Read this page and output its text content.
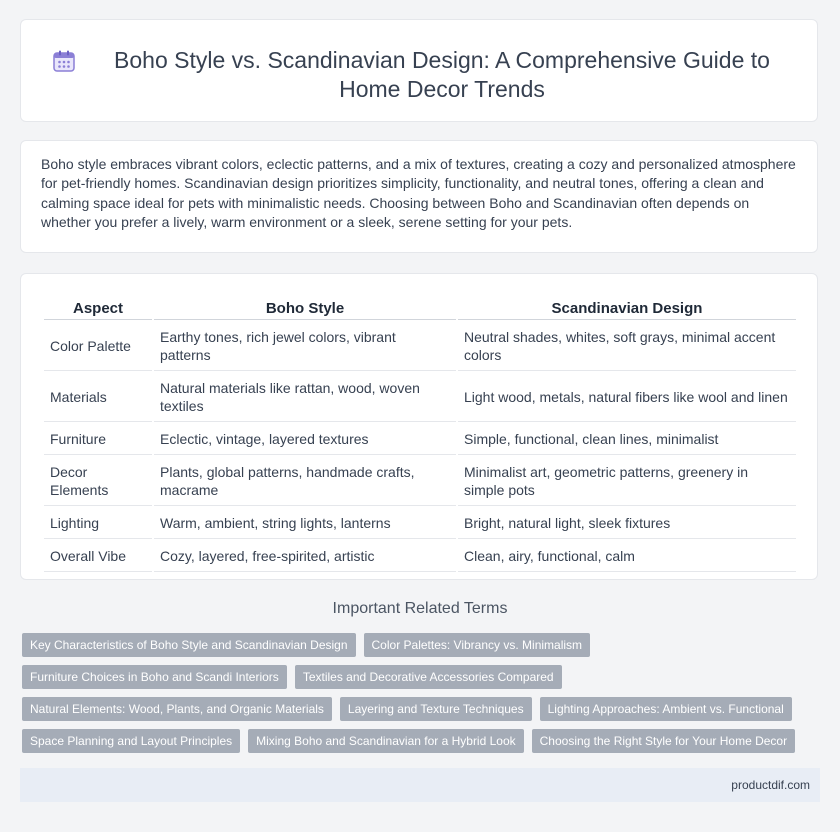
Boho Style vs. Scandinavian Design: A Comprehensive Guide to Home Decor Trends

Boho style embraces vibrant colors, eclectic patterns, and a mix of textures, creating a cozy and personalized atmosphere for pet-friendly homes. Scandinavian design prioritizes simplicity, functionality, and neutral tones, offering a clean and calming space ideal for pets with minimalistic needs. Choosing between Boho and Scandinavian often depends on whether you prefer a lively, warm environment or a sleek, serene setting for your pets.

Aspect	Boho Style	Scandinavian Design
Color Palette	Earthy tones, rich jewel colors, vibrant patterns	Neutral shades, whites, soft grays, minimal accent colors
Materials	Natural materials like rattan, wood, woven textiles	Light wood, metals, natural fibers like wool and linen
Furniture	Eclectic, vintage, layered textures	Simple, functional, clean lines, minimalist
Decor Elements	Plants, global patterns, handmade crafts, macrame	Minimalist art, geometric patterns, greenery in simple pots
Lighting	Warm, ambient, string lights, lanterns	Bright, natural light, sleek fixtures
Overall Vibe	Cozy, layered, free-spirited, artistic	Clean, airy, functional, calm
Important Related Terms
Key Characteristics of Boho Style and Scandinavian Design	Color Palettes: Vibrancy vs. Minimalism
Furniture Choices in Boho and Scandi Interiors	Textiles and Decorative Accessories Compared
Natural Elements: Wood, Plants, and Organic Materials	Layering and Texture Techniques	Lighting Approaches: Ambient vs. Functional
Space Planning and Layout Principles	Mixing Boho and Scandinavian for a Hybrid Look	Choosing the Right Style for Your Home Decor
productdif.com
